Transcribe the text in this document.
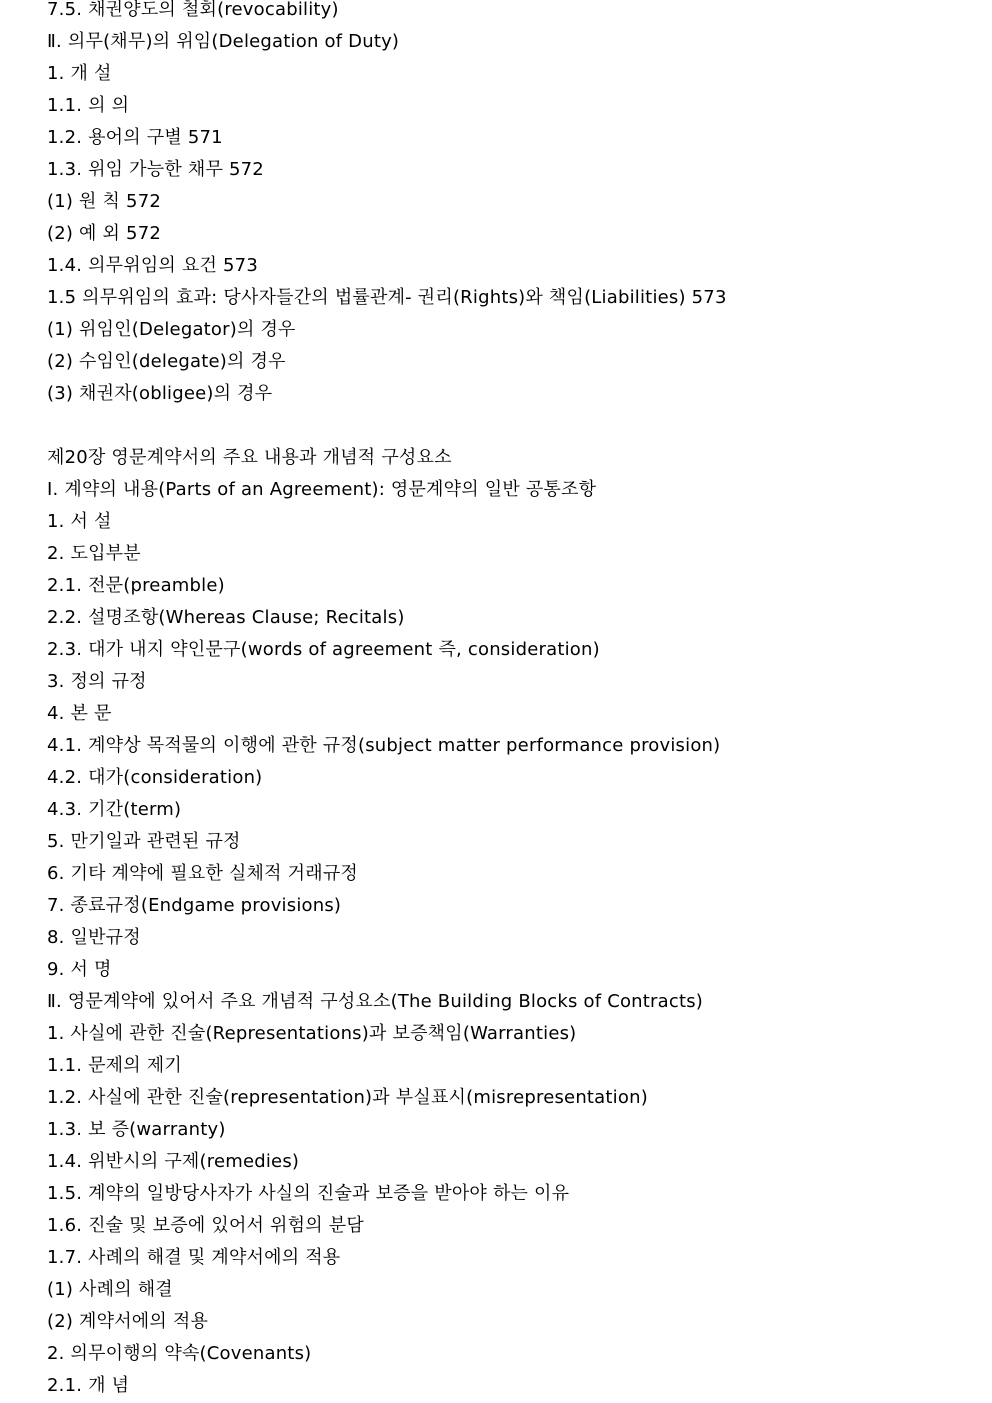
7.5. 채권양도의 철회(revocability)
Ⅱ. 의무(채무)의 위임(Delegation of Duty)
1. 개 설
1.1. 의 의
1.2. 용어의 구별 571
1.3. 위임 가능한 채무 572
(1) 원 칙 572
(2) 예 외 572
1.4. 의무위임의 요건 573
1.5 의무위임의 효과: 당사자들간의 법률관계- 권리(Rights)와 책임(Liabilities) 573
(1) 위임인(Delegator)의 경우
(2) 수임인(delegate)의 경우
(3) 채권자(obligee)의 경우
제20장 영문계약서의 주요 내용과 개념적 구성요소
Ⅰ. 계약의 내용(Parts of an Agreement): 영문계약의 일반 공통조항
1. 서 설
2. 도입부분
2.1. 전문(preamble)
2.2. 설명조항(Whereas Clause; Recitals)
2.3. 대가 내지 약인문구(words of agreement 즉, consideration)
3. 정의 규정
4. 본 문
4.1. 계약상 목적물의 이행에 관한 규정(subject matter performance provision)
4.2. 대가(consideration)
4.3. 기간(term)
5. 만기일과 관련된 규정
6. 기타 계약에 필요한 실체적 거래규정
7. 종료규정(Endgame provisions)
8. 일반규정
9. 서 명
Ⅱ. 영문계약에 있어서 주요 개념적 구성요소(The Building Blocks of Contracts)
1. 사실에 관한 진술(Representations)과 보증책임(Warranties)
1.1. 문제의 제기
1.2. 사실에 관한 진술(representation)과 부실표시(misrepresentation)
1.3. 보 증(warranty)
1.4. 위반시의 구제(remedies)
1.5. 계약의 일방당사자가 사실의 진술과 보증을 받아야 하는 이유
1.6. 진술 및 보증에 있어서 위험의 분담
1.7. 사례의 해결 및 계약서에의 적용
(1) 사례의 해결
(2) 계약서에의 적용
2. 의무이행의 약속(Covenants)
2.1. 개 념
